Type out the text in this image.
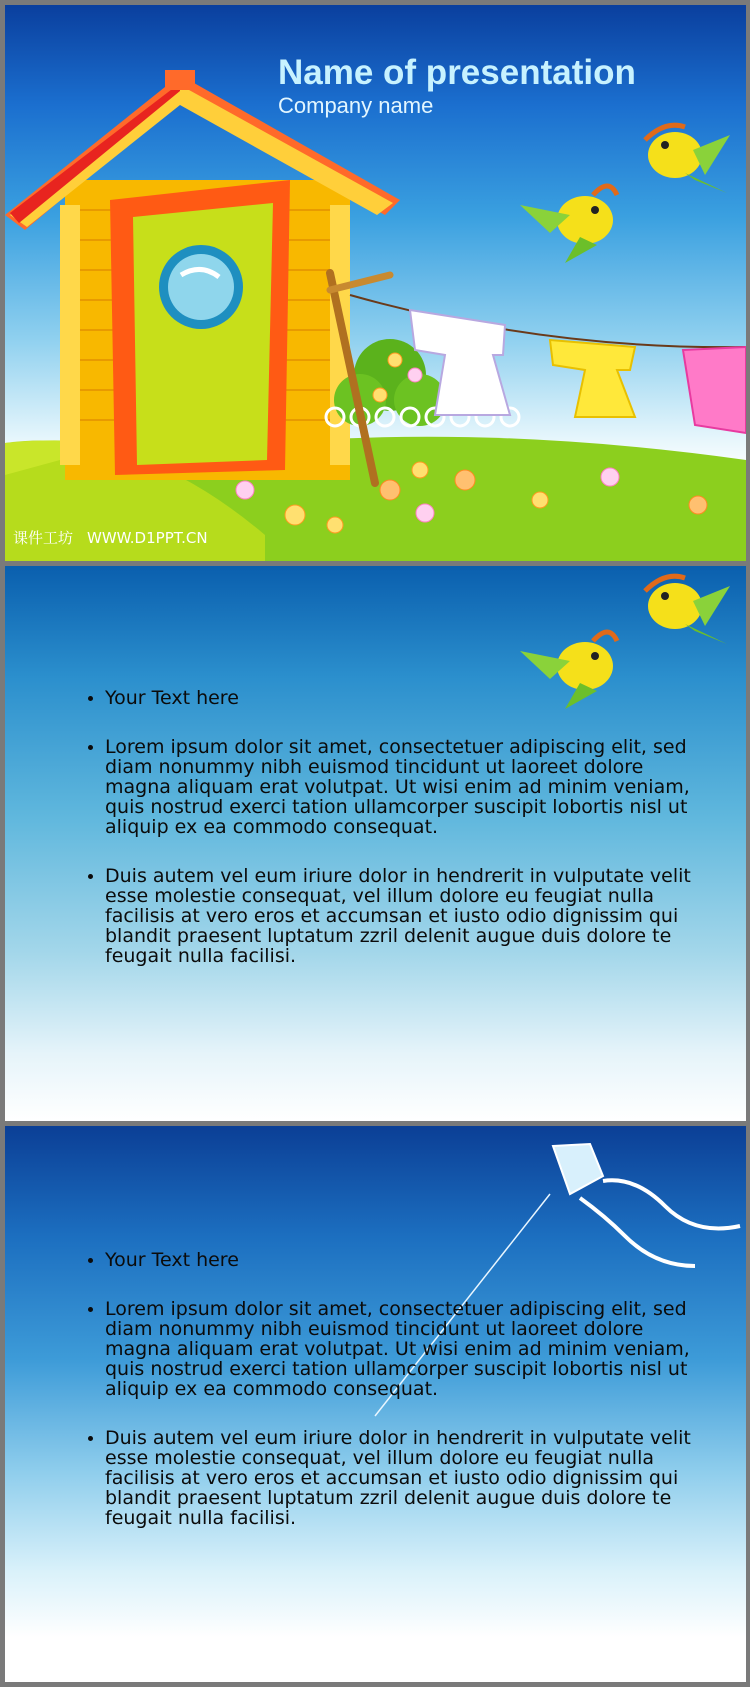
Name of presentation
Company name
课件工坊 WWW.D1PPT.CN
• Your Text here
• Lorem ipsum dolor sit amet, consectetuer adipiscing elit, sed diam nonummy nibh euismod tincidunt ut laoreet dolore magna aliquam erat volutpat. Ut wisi enim ad minim veniam, quis nostrud exerci tation ullamcorper suscipit lobortis nisl ut aliquip ex ea commodo consequat.
• Duis autem vel eum iriure dolor in hendrerit in vulputate velit esse molestie consequat, vel illum dolore eu feugiat nulla facilisis at vero eros et accumsan et iusto odio dignissim qui blandit praesent luptatum zzril delenit augue duis dolore te feugait nulla facilisi.
• Your Text here
• Lorem ipsum dolor sit amet, consectetuer adipiscing elit, sed diam nonummy nibh euismod tincidunt ut laoreet dolore magna aliquam erat volutpat. Ut wisi enim ad minim veniam, quis nostrud exerci tation ullamcorper suscipit lobortis nisl ut aliquip ex ea commodo consequat.
• Duis autem vel eum iriure dolor in hendrerit in vulputate velit esse molestie consequat, vel illum dolore eu feugiat nulla facilisis at vero eros et accumsan et iusto odio dignissim qui blandit praesent luptatum zzril delenit augue duis dolore te feugait nulla facilisi.
